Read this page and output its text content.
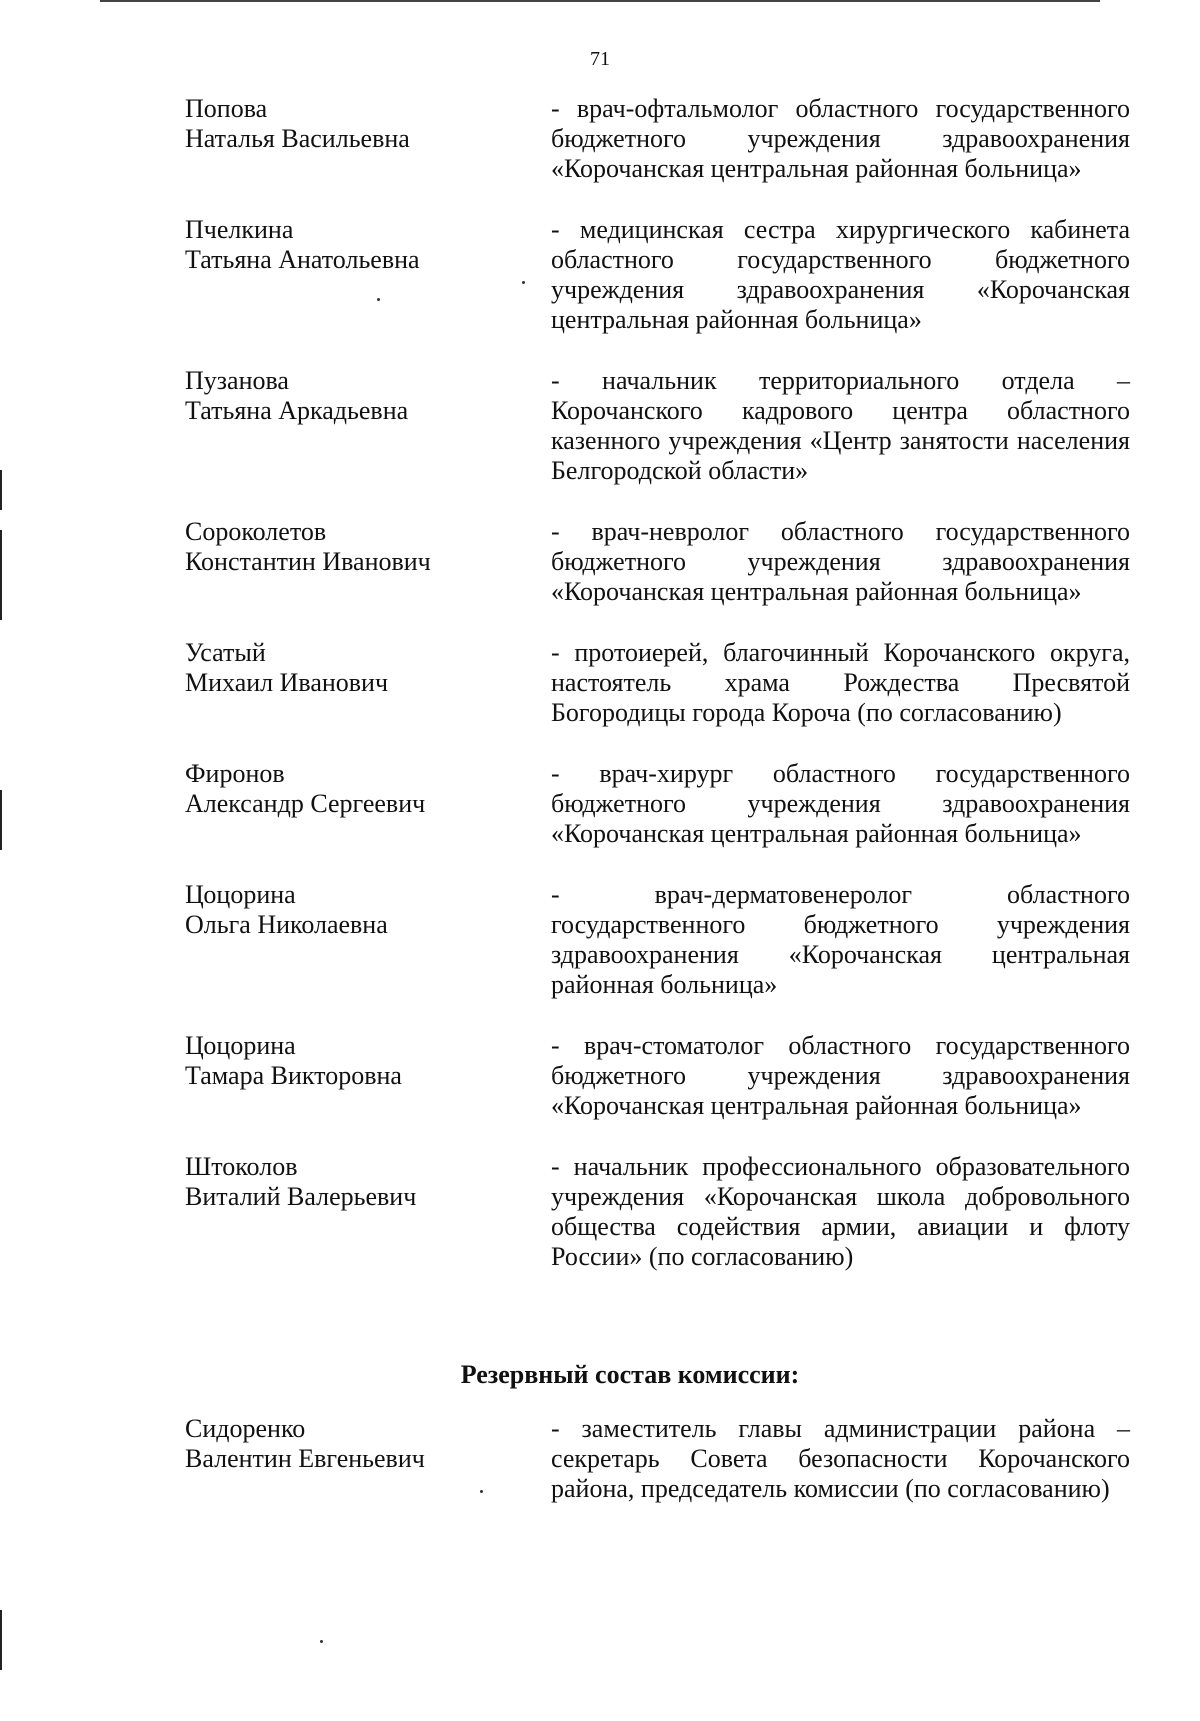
71
Попова
Наталья Васильевна
- врач-офтальмолог областного государственного бюджетного учреждения здравоохранения «Корочанская центральная районная больница»
Пчелкина
Татьяна Анатольевна
- медицинская сестра хирургического кабинета областного государственного бюджетного учреждения здравоохранения «Корочанская центральная районная больница»
Пузанова
Татьяна Аркадьевна
- начальник территориального отдела – Корочанского кадрового центра областного казенного учреждения «Центр занятости населения Белгородской области»
Сороколетов
Константин Иванович
- врач-невролог областного государственного бюджетного учреждения здравоохранения «Корочанская центральная районная больница»
Усатый
Михаил Иванович
- протоиерей, благочинный Корочанского округа, настоятель храма Рождества Пресвятой Богородицы города Короча (по согласованию)
Фиронов
Александр Сергеевич
- врач-хирург областного государственного бюджетного учреждения здравоохранения «Корочанская центральная районная больница»
Цоцорина
Ольга Николаевна
- врач-дерматовенеролог областного государственного бюджетного учреждения здравоохранения «Корочанская центральная районная больница»
Цоцорина
Тамара Викторовна
- врач-стоматолог областного государственного бюджетного учреждения здравоохранения «Корочанская центральная районная больница»
Штоколов
Виталий Валерьевич
- начальник профессионального образовательного учреждения «Корочанская школа добровольного общества содействия армии, авиации и флоту России» (по согласованию)
Резервный состав комиссии:
Сидоренко
Валентин Евгеньевич
- заместитель главы администрации района – секретарь Совета безопасности Корочанского района, председатель комиссии (по согласованию)
